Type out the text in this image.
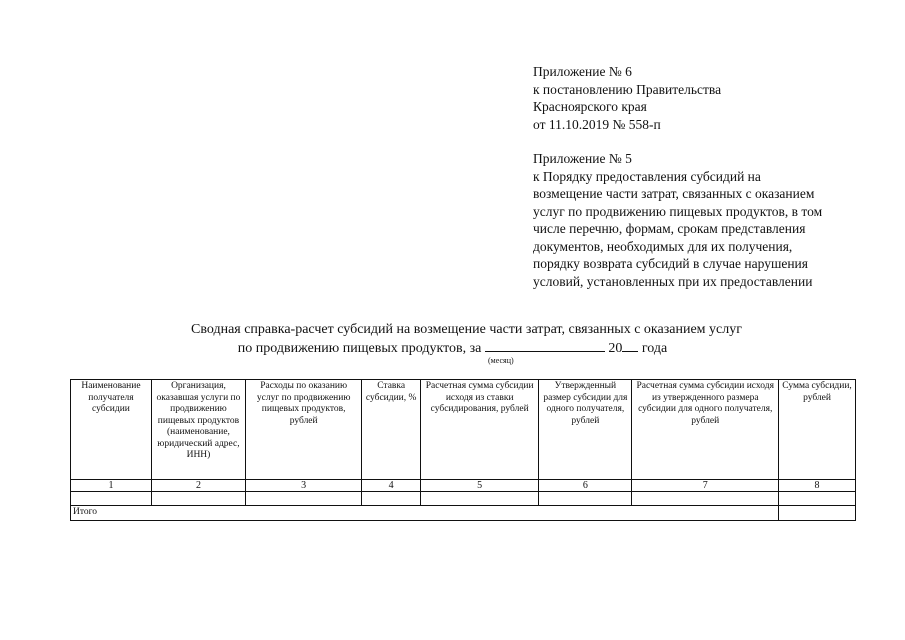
Приложение № 6
к постановлению Правительства
Красноярского края
от 11.10.2019 № 558-п
Приложение № 5
к Порядку предоставления субсидий на
возмещение части затрат, связанных с оказанием
услуг по продвижению пищевых продуктов, в том
числе перечню, формам, срокам представления
документов, необходимых для их получения,
порядку возврата субсидий в случае нарушения
условий, установленных при их предоставлении
Сводная справка-расчет субсидий на возмещение части затрат, связанных с оказанием услуг
по продвижению пищевых продуктов, за	20 года
(месяц)
Наименование получателя субсидии	Организация, оказавшая услуги по продвижению пищевых продуктов (наименование, юридический адрес, ИНН)	Расходы по оказанию услуг по продвижению пищевых продуктов, рублей	Ставка субсидии, %	Расчетная сумма субсидии исходя из ставки субсидирования, рублей	Утвержденный размер субсидии для одного получателя, рублей	Расчетная сумма субсидии исходя из утвержденного размера субсидии для одного получателя, рублей	Сумма субсидии, рублей
1	2	3	4	5	6	7	8

Итого							
